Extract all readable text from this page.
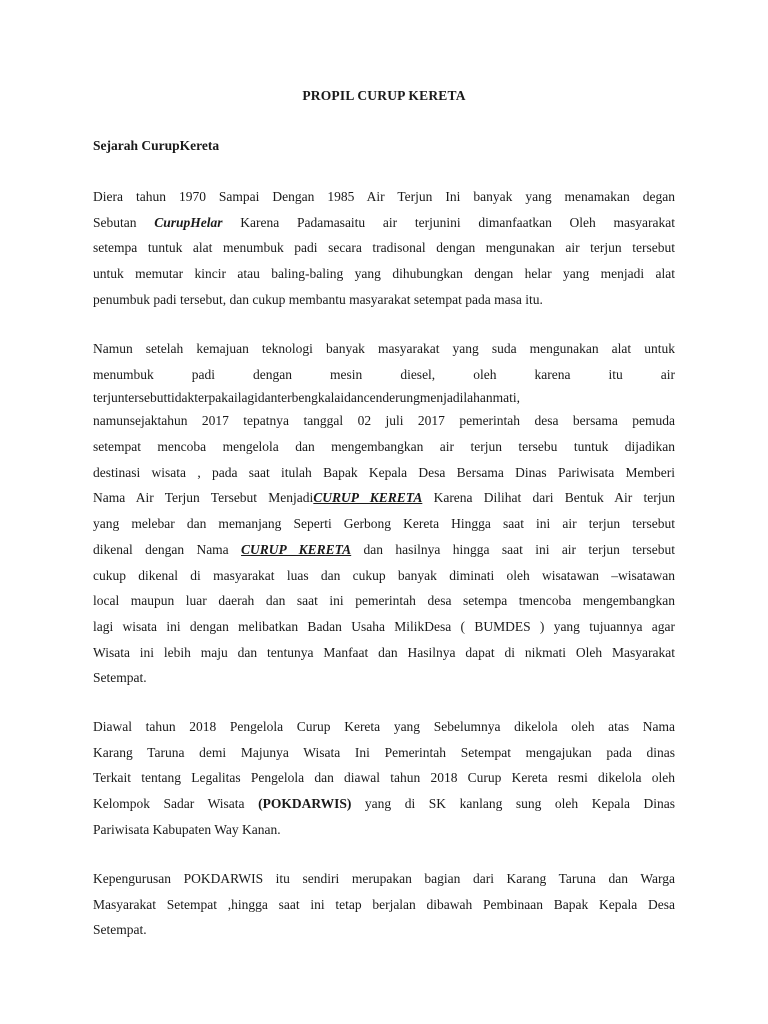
PROPIL CURUP KERETA
Sejarah CurupKereta
Diera tahun 1970 Sampai Dengan 1985 Air Terjun Ini banyak yang menamakan degan
Sebutan CurupHelar Karena Padamasaitu air terjunini dimanfaatkan Oleh masyarakat
setempa tuntuk alat menumbuk padi secara tradisonal dengan mengunakan air terjun tersebut
untuk memutar kincir atau baling-baling yang dihubungkan dengan helar yang menjadi alat
penumbuk padi tersebut, dan cukup membantu masyarakat setempat pada masa itu.
Namun setelah kemajuan teknologi banyak masyarakat yang suda mengunakan alat untuk
menumbuk padi dengan mesin diesel, oleh karena itu air
terjuntersebuttidakterpakailagidanterbengkalaidancenderungmenjadilahanmati,
namunsejaktahun 2017 tepatnya tanggal 02 juli 2017 pemerintah desa bersama pemuda
setempat mencoba mengelola dan mengembangkan air terjun tersebu tuntuk dijadikan
destinasi wisata , pada saat itulah Bapak Kepala Desa Bersama Dinas Pariwisata Memberi
Nama Air Terjun Tersebut MenjadiCURUP KERETA Karena Dilihat dari Bentuk Air terjun
yang melebar dan memanjang Seperti Gerbong Kereta Hingga saat ini air terjun tersebut
dikenal dengan Nama CURUP KERETA dan hasilnya hingga saat ini air terjun tersebut
cukup dikenal di masyarakat luas dan cukup banyak diminati oleh wisatawan –wisatawan
local maupun luar daerah dan saat ini pemerintah desa setempa tmencoba mengembangkan
lagi wisata ini dengan melibatkan Badan Usaha MilikDesa ( BUMDES ) yang tujuannya agar
Wisata ini lebih maju dan tentunya Manfaat dan Hasilnya dapat di nikmati Oleh Masyarakat
Setempat.
Diawal tahun 2018 Pengelola Curup Kereta yang Sebelumnya dikelola oleh atas Nama
Karang Taruna demi Majunya Wisata Ini Pemerintah Setempat mengajukan pada dinas
Terkait tentang Legalitas Pengelola dan diawal tahun 2018 Curup Kereta resmi dikelola oleh
Kelompok Sadar Wisata (POKDARWIS) yang di SK kanlang sung oleh Kepala Dinas
Pariwisata Kabupaten Way Kanan.
Kepengurusan POKDARWIS itu sendiri merupakan bagian dari Karang Taruna dan Warga
Masyarakat Setempat ,hingga saat ini tetap berjalan dibawah Pembinaan Bapak Kepala Desa
Setempat.
